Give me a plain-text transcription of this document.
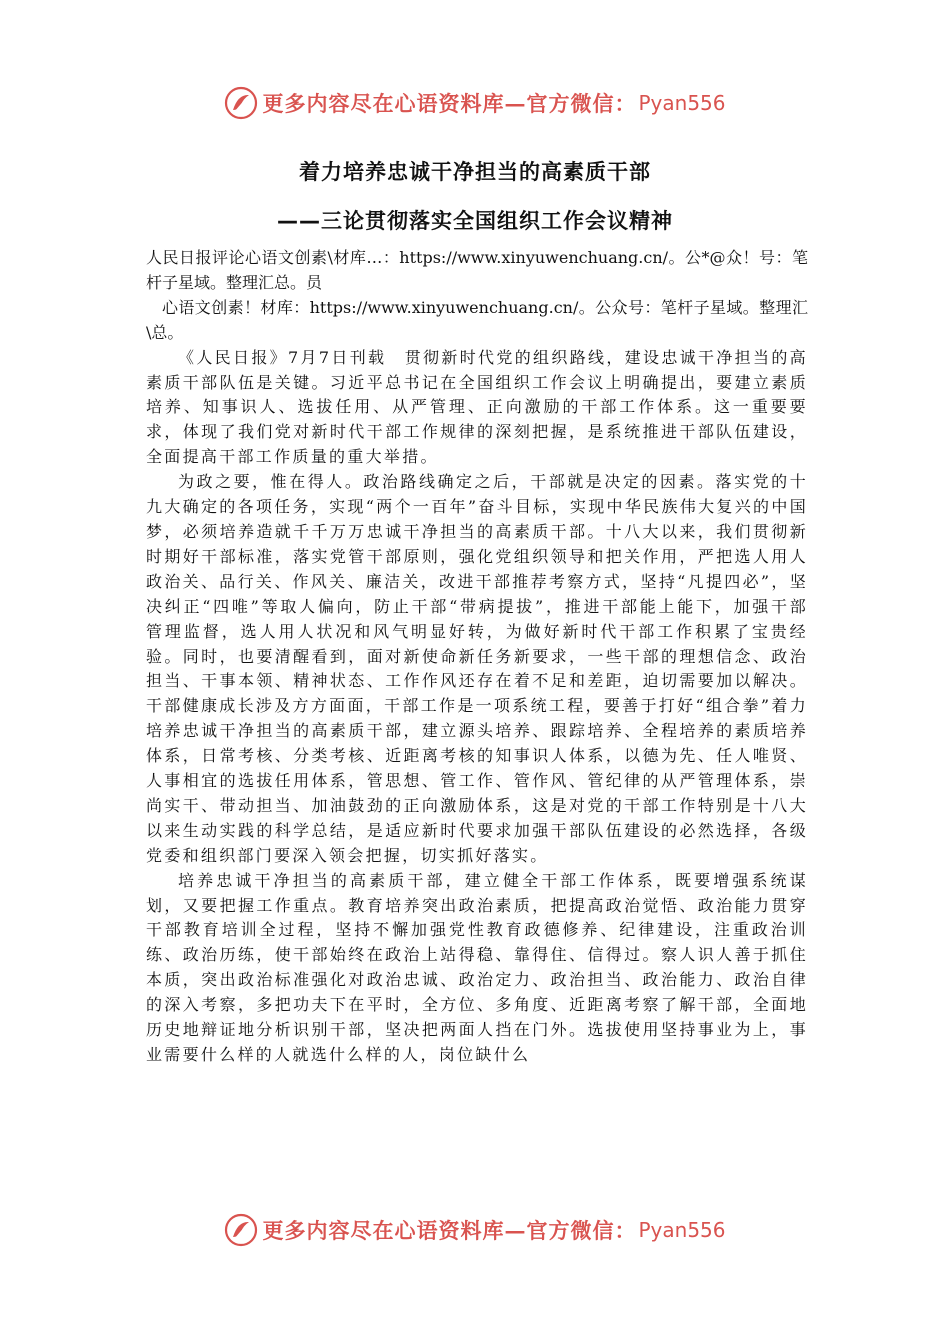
更多内容尽在心语资料库—官方微信： Pyan556
着力培养忠诚干净担当的高素质干部
——三论贯彻落实全国组织工作会议精神

人民日报评论心语文创素\材库…：https://www.xinyuwenchuang.cn/。公*@众！号：笔杆子星域。整理汇总。员

心语文创素！材库：https://www.xinyuwenchuang.cn/。公众号：笔杆子星域。整理汇\总。

《人民日报》7月7日刊载　贯彻新时代党的组织路线，建设忠诚干净担当的高素质干部队伍是关键。习近平总书记在全国组织工作会议上明确提出，要建立素质培养、知事识人、选拔任用、从严管理、正向激励的干部工作体系。这一重要要求，体现了我们党对新时代干部工作规律的深刻把握，是系统推进干部队伍建设，全面提高干部工作质量的重大举措。

为政之要，惟在得人。政治路线确定之后，干部就是决定的因素。落实党的十九大确定的各项任务，实现“两个一百年”奋斗目标，实现中华民族伟大复兴的中国梦，必须培养造就千千万万忠诚干净担当的高素质干部。十八大以来，我们贯彻新时期好干部标准，落实党管干部原则，强化党组织领导和把关作用，严把选人用人政治关、品行关、作风关、廉洁关，改进干部推荐考察方式，坚持“凡提四必”，坚决纠正“四唯”等取人偏向，防止干部“带病提拔”，推进干部能上能下，加强干部管理监督，选人用人状况和风气明显好转，为做好新时代干部工作积累了宝贵经验。同时，也要清醒看到，面对新使命新任务新要求，一些干部的理想信念、政治担当、干事本领、精神状态、工作作风还存在着不足和差距，迫切需要加以解决。干部健康成长涉及方方面面，干部工作是一项系统工程，要善于打好“组合拳”着力培养忠诚干净担当的高素质干部，建立源头培养、跟踪培养、全程培养的素质培养体系，日常考核、分类考核、近距离考核的知事识人体系，以德为先、任人唯贤、人事相宜的选拔任用体系，管思想、管工作、管作风、管纪律的从严管理体系，崇尚实干、带动担当、加油鼓劲的正向激励体系，这是对党的干部工作特别是十八大以来生动实践的科学总结，是适应新时代要求加强干部队伍建设的必然选择，各级党委和组织部门要深入领会把握，切实抓好落实。

培养忠诚干净担当的高素质干部，建立健全干部工作体系，既要增强系统谋划，又要把握工作重点。教育培养突出政治素质，把提高政治觉悟、政治能力贯穿干部教育培训全过程，坚持不懈加强党性教育政德修养、纪律建设，注重政治训练、政治历练，使干部始终在政治上站得稳、靠得住、信得过。察人识人善于抓住本质，突出政治标准强化对政治忠诚、政治定力、政治担当、政治能力、政治自律的深入考察，多把功夫下在平时，全方位、多角度、近距离考察了解干部，全面地历史地辩证地分析识别干部，坚决把两面人挡在门外。选拔使用坚持事业为上，事业需要什么样的人就选什么样的人，岗位缺什么

更多内容尽在心语资料库—官方微信： Pyan556
